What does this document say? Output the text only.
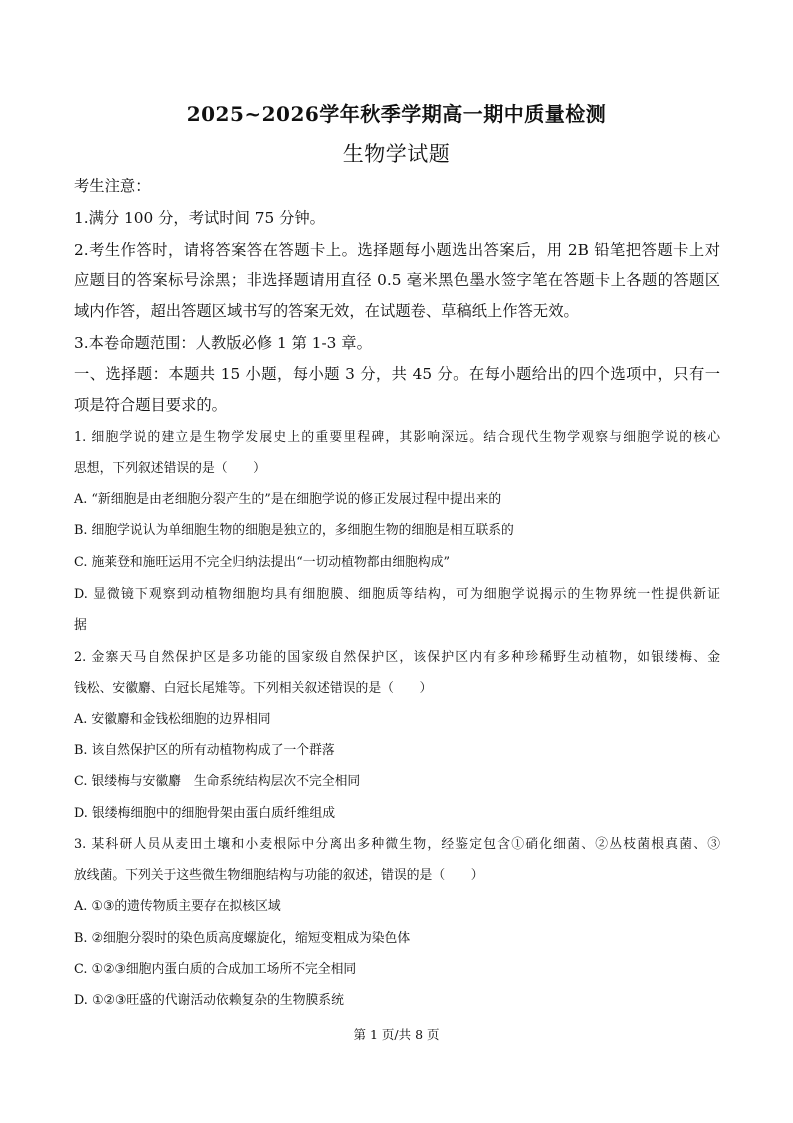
2025~2026学年秋季学期高一期中质量检测
生物学试题
考生注意：
1.满分 100 分，考试时间 75 分钟。
2.考生作答时，请将答案答在答题卡上。选择题每小题选出答案后，用 2B 铅笔把答题卡上对
应题目的答案标号涂黑；非选择题请用直径 0.5 毫米黑色墨水签字笔在答题卡上各题的答题区
域内作答，超出答题区域书写的答案无效，在试题卷、草稿纸上作答无效。
3.本卷命题范围：人教版必修 1 第 1-3 章。
一、选择题：本题共 15 小题，每小题 3 分，共 45 分。在每小题给出的四个选项中，只有一
项是符合题目要求的。
1. 细胞学说的建立是生物学发展史上的重要里程碑，其影响深远。结合现代生物学观察与细胞学说的核心
思想，下列叙述错误的是（　　）
A. “新细胞是由老细胞分裂产生的”是在细胞学说的修正发展过程中提出来的
B. 细胞学说认为单细胞生物的细胞是独立的，多细胞生物的细胞是相互联系的
C. 施莱登和施旺运用不完全归纳法提出“一切动植物都由细胞构成”
D. 显微镜下观察到动植物细胞均具有细胞膜、细胞质等结构，可为细胞学说揭示的生物界统一性提供新证
据
2. 金寨天马自然保护区是多功能的国家级自然保护区，该保护区内有多种珍稀野生动植物，如银缕梅、金
钱松、安徽麝、白冠长尾雉等。下列相关叙述错误的是（　　）
A. 安徽麝和金钱松细胞的边界相同
B. 该自然保护区的所有动植物构成了一个群落
C. 银缕梅与安徽麝　生命系统结构层次不完全相同
D. 银缕梅细胞中的细胞骨架由蛋白质纤维组成
3. 某科研人员从麦田土壤和小麦根际中分离出多种微生物，经鉴定包含①硝化细菌、②丛枝菌根真菌、③
放线菌。下列关于这些微生物细胞结构与功能的叙述，错误的是（　　）
A. ①③的遗传物质主要存在拟核区域
B. ②细胞分裂时的染色质高度螺旋化，缩短变粗成为染色体
C. ①②③细胞内蛋白质的合成加工场所不完全相同
D. ①②③旺盛的代谢活动依赖复杂的生物膜系统
第 1 页/共 8 页
